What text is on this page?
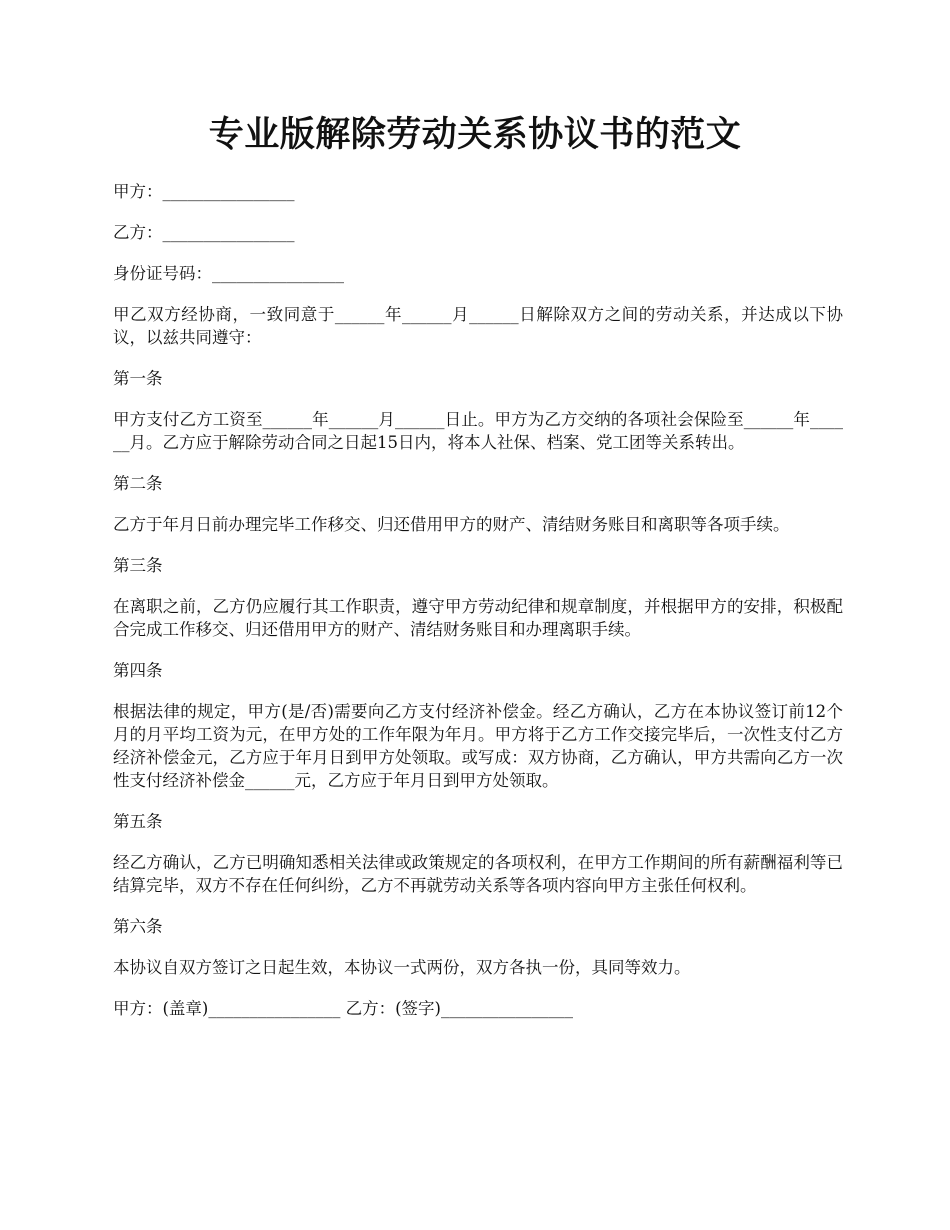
专业版解除劳动关系协议书的范文

甲方：________________

乙方：________________

身份证号码：________________

甲乙双方经协商，一致同意于______年______月______日解除双方之间的劳动关系，并达成以下协议，以兹共同遵守：

第一条

甲方支付乙方工资至______年______月______日止。甲方为乙方交纳的各项社会保险至______年______月。乙方应于解除劳动合同之日起15日内，将本人社保、档案、党工团等关系转出。

第二条

乙方于年月日前办理完毕工作移交、归还借用甲方的财产、清结财务账目和离职等各项手续。

第三条

在离职之前，乙方仍应履行其工作职责，遵守甲方劳动纪律和规章制度，并根据甲方的安排，积极配合完成工作移交、归还借用甲方的财产、清结财务账目和办理离职手续。

第四条

根据法律的规定，甲方(是/否)需要向乙方支付经济补偿金。经乙方确认，乙方在本协议签订前12个月的月平均工资为元，在甲方处的工作年限为年月。甲方将于乙方工作交接完毕后，一次性支付乙方经济补偿金元，乙方应于年月日到甲方处领取。或写成：双方协商，乙方确认，甲方共需向乙方一次性支付经济补偿金______元，乙方应于年月日到甲方处领取。

第五条

经乙方确认，乙方已明确知悉相关法律或政策规定的各项权利，在甲方工作期间的所有薪酬福利等已结算完毕，双方不存在任何纠纷，乙方不再就劳动关系等各项内容向甲方主张任何权利。

第六条

本协议自双方签订之日起生效，本协议一式两份，双方各执一份，具同等效力。

甲方：(盖章)________________ 乙方：(签字)________________
